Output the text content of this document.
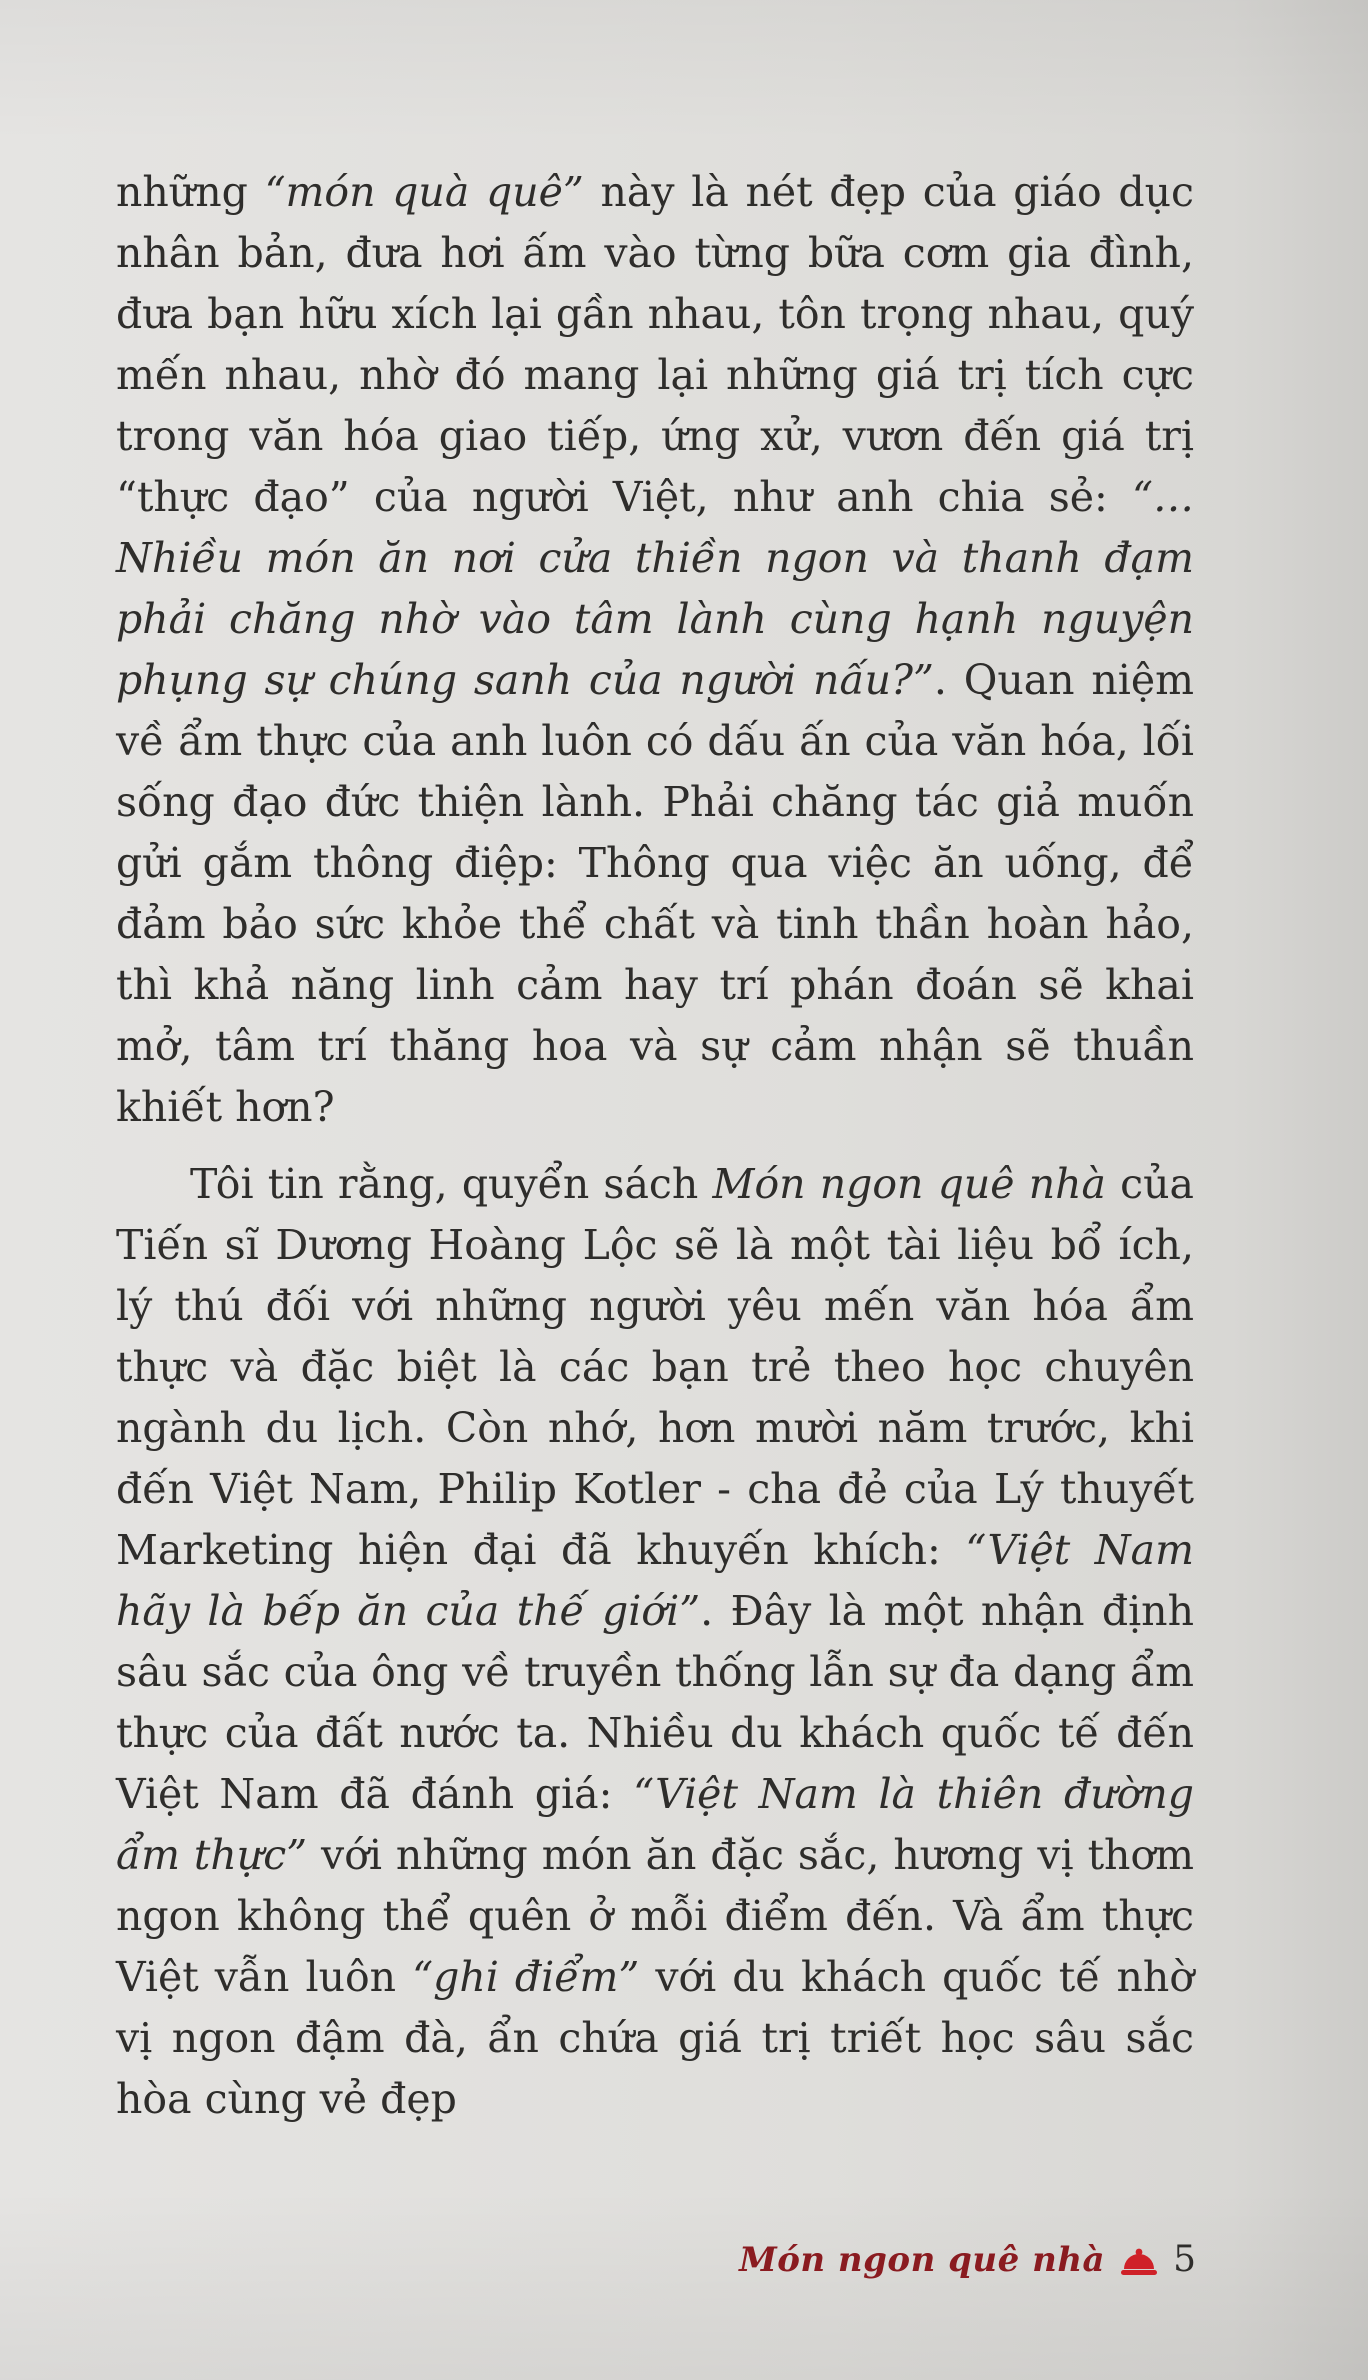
những “món quà quê” này là nét đẹp của giáo dục nhân bản, đưa hơi ấm vào từng bữa cơm gia đình, đưa bạn hữu xích lại gần nhau, tôn trọng nhau, quý mến nhau, nhờ đó mang lại những giá trị tích cực trong văn hóa giao tiếp, ứng xử, vươn đến giá trị “thực đạo” của người Việt, như anh chia sẻ: “…Nhiều món ăn nơi cửa thiền ngon và thanh đạm phải chăng nhờ vào tâm lành cùng hạnh nguyện phụng sự chúng sanh của người nấu?”. Quan niệm về ẩm thực của anh luôn có dấu ấn của văn hóa, lối sống đạo đức thiện lành. Phải chăng tác giả muốn gửi gắm thông điệp: Thông qua việc ăn uống, để đảm bảo sức khỏe thể chất và tinh thần hoàn hảo, thì khả năng linh cảm hay trí phán đoán sẽ khai mở, tâm trí thăng hoa và sự cảm nhận sẽ thuần khiết hơn?

Tôi tin rằng, quyển sách Món ngon quê nhà của Tiến sĩ Dương Hoàng Lộc sẽ là một tài liệu bổ ích, lý thú đối với những người yêu mến văn hóa ẩm thực và đặc biệt là các bạn trẻ theo học chuyên ngành du lịch. Còn nhớ, hơn mười năm trước, khi đến Việt Nam, Philip Kotler - cha đẻ của Lý thuyết Marketing hiện đại đã khuyến khích: “Việt Nam hãy là bếp ăn của thế giới”. Đây là một nhận định sâu sắc của ông về truyền thống lẫn sự đa dạng ẩm thực của đất nước ta. Nhiều du khách quốc tế đến Việt Nam đã đánh giá: “Việt Nam là thiên đường ẩm thực” với những món ăn đặc sắc, hương vị thơm ngon không thể quên ở mỗi điểm đến. Và ẩm thực Việt vẫn luôn “ghi điểm” với du khách quốc tế nhờ vị ngon đậm đà, ẩn chứa giá trị triết học sâu sắc hòa cùng vẻ đẹp

Món ngon quê nhà 5
